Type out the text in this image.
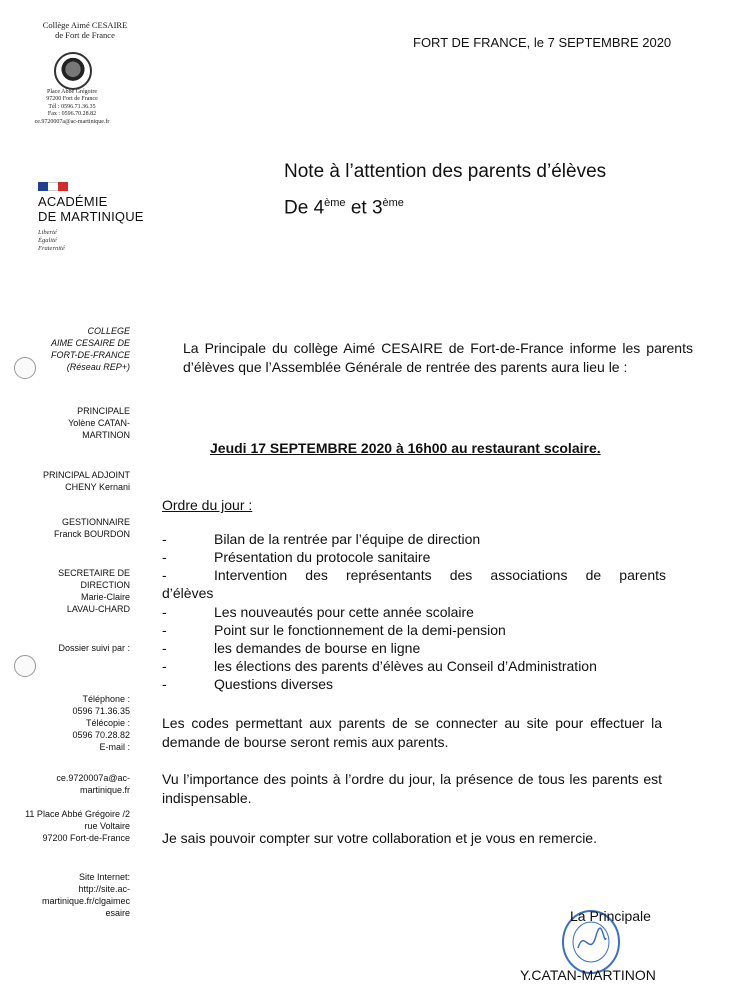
Collège Aimé CESAIRE
de Fort de France
Place Abbé Grégoire
97200 Fort de France
Tél : 0596.71.36.35
Fax : 0596.70.28.82
ce.9720007a@ac-martinique.fr
ACADÉMIE
DE MARTINIQUE
Liberté
Égalité
Fraternité
FORT DE FRANCE, le 7 SEPTEMBRE 2020
Note à l’attention des parents d’élèves
De 4ème et 3ème
COLLEGE
AIME CESAIRE DE
FORT-DE-FRANCE
(Réseau REP+)
PRINCIPALE
Yolène CATAN-
MARTINON
PRINCIPAL ADJOINT
CHENY Kernani
GESTIONNAIRE
Franck BOURDON
SECRETAIRE DE
DIRECTION
Marie-Claire
LAVAU-CHARD
Dossier suivi par :
Téléphone :
0596 71.36.35
Télécopie :
0596 70.28.82
E-mail :
ce.9720007a@ac-
martinique.fr
11 Place Abbé Grégoire /2
rue Voltaire
97200 Fort-de-France
Site Internet:
http://site.ac-
martinique.fr/clgaimec
esaire
La Principale du collège Aimé CESAIRE de Fort-de-France informe les parents d’élèves que l’Assemblée Générale de rentrée des parents aura lieu le :
Jeudi 17 SEPTEMBRE 2020 à 16h00 au restaurant scolaire.
Ordre du jour :
-	Bilan de la rentrée par l’équipe de direction
-	Présentation du protocole sanitaire
-	Intervention des représentants des associations de parents
d’élèves
-	Les nouveautés pour cette année scolaire
-	Point sur le fonctionnement de la demi-pension
-	les demandes de bourse en ligne
-	les élections des parents d’élèves au Conseil d’Administration
-	Questions diverses
Les codes permettant aux parents de se connecter au site pour effectuer la demande de bourse seront remis aux parents.
Vu l’importance des points à l’ordre du jour, la présence de tous les parents est indispensable.
Je sais pouvoir compter sur votre collaboration et je vous en remercie.
La Principale
Y.CATAN-MARTINON
